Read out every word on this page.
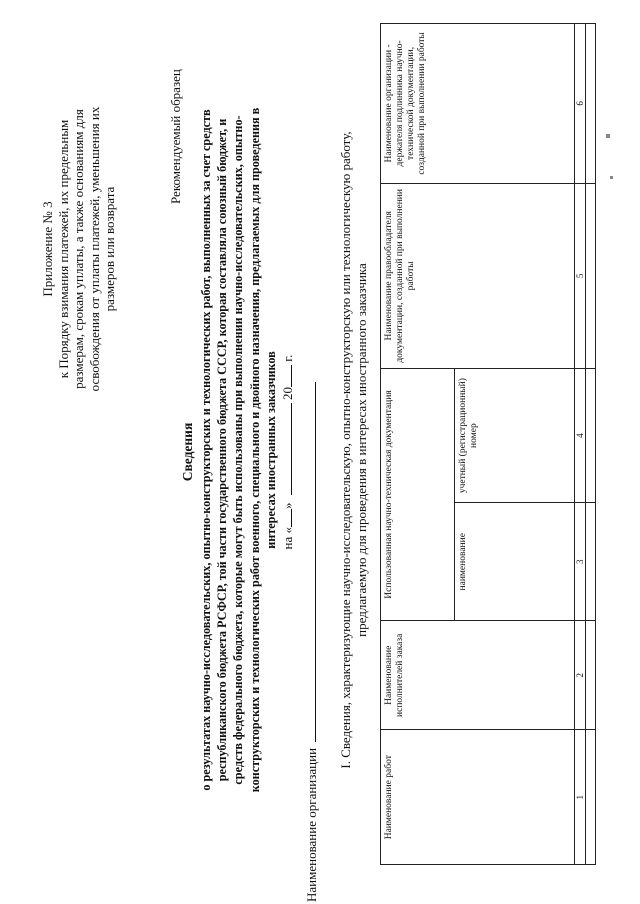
Приложение № 3 к Порядку взимания платежей, их предельным размерам, срокам уплаты, а также основаниям для освобождения от уплаты платежей, уменьшения их размеров или возврата
Рекомендуемый образец
Сведения о результатах научно-исследовательских, опытно-конструкторских и технологических работ, выполненных за счет средств республиканского бюджета РСФСР, той части государственного бюджета СССР, которая составляла союзный бюджет, и средств федерального бюджета, которые могут быть использованы при выполнении научно-исследовательских, опытно- конструкторских и технологических работ военного, специального и двойного назначения, предлагаемых для проведения в интересах иностранных заказчиков на «»  20 г.
Наименование организации
I. Сведения, характеризующие научно-исследовательскую, опытно-конструкторскую или технологическую работу, предлагаемую для проведения в интересах иностранного заказчика
Наименование работ	Наименование исполнителей заказа	Использованная научно-техническая документация		Наименование правообладателя документации, созданной при выполнении работы	Наименование организации - держателя подлинника научно-технической документации, созданной при выполнении работы
		наименование	учетный (регистрационный) номер		
1	2	3	4	5	6
